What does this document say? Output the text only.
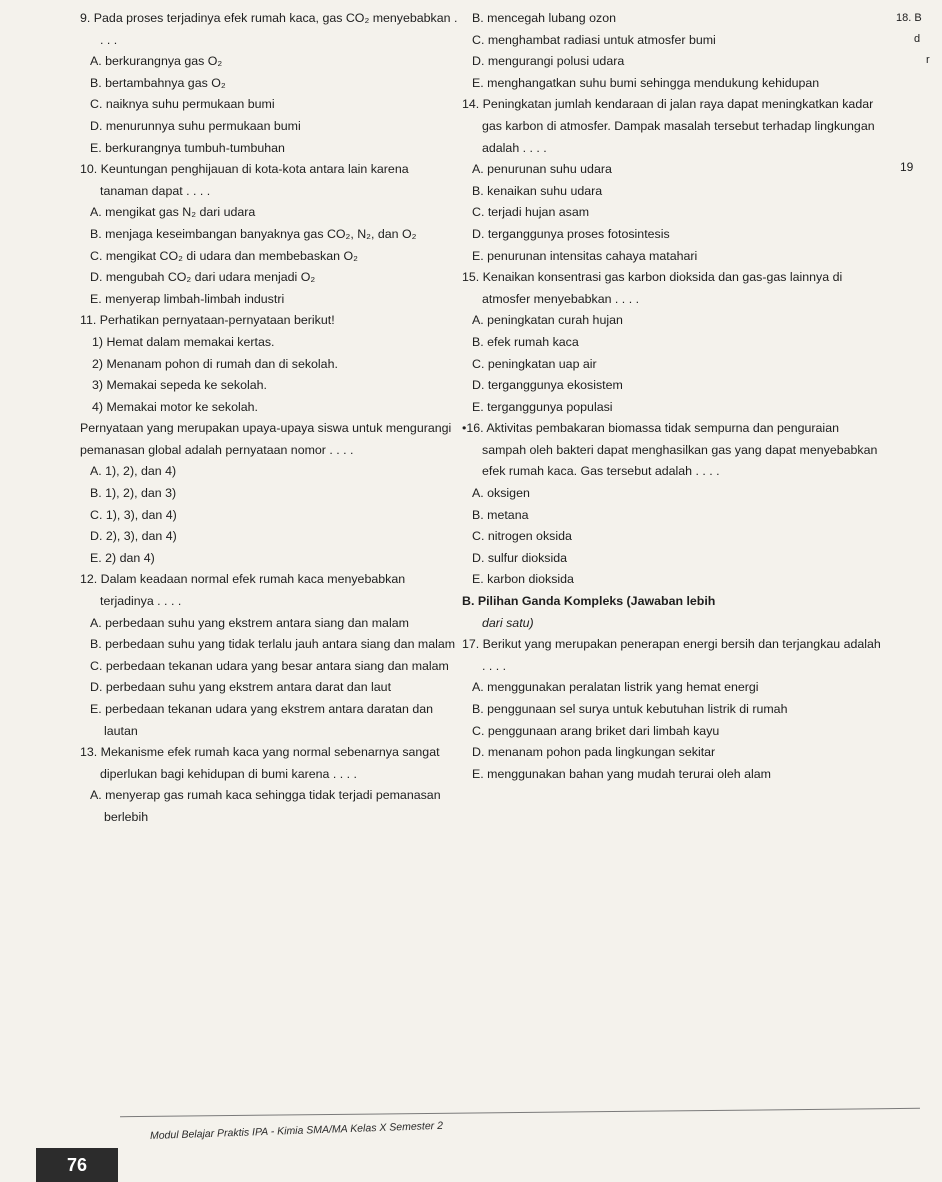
9. Pada proses terjadinya efek rumah kaca, gas CO₂ menyebabkan . . . .
A. berkurangnya gas O₂
B. bertambahnya gas O₂
C. naiknya suhu permukaan bumi
D. menurunnya suhu permukaan bumi
E. berkurangnya tumbuh-tumbuhan
10. Keuntungan penghijauan di kota-kota antara lain karena tanaman dapat . . . .
A. mengikat gas N₂ dari udara
B. menjaga keseimbangan banyaknya gas CO₂, N₂, dan O₂
C. mengikat CO₂ di udara dan membebaskan O₂
D. mengubah CO₂ dari udara menjadi O₂
E. menyerap limbah-limbah industri
11. Perhatikan pernyataan-pernyataan berikut!
1) Hemat dalam memakai kertas.
2) Menanam pohon di rumah dan di sekolah.
3) Memakai sepeda ke sekolah.
4) Memakai motor ke sekolah.
Pernyataan yang merupakan upaya-upaya siswa untuk mengurangi pemanasan global adalah pernyataan nomor . . . .
A. 1), 2), dan 4)
B. 1), 2), dan 3)
C. 1), 3), dan 4)
D. 2), 3), dan 4)
E. 2) dan 4)
12. Dalam keadaan normal efek rumah kaca menyebabkan terjadinya . . . .
A. perbedaan suhu yang ekstrem antara siang dan malam
B. perbedaan suhu yang tidak terlalu jauh antara siang dan malam
C. perbedaan tekanan udara yang besar antara siang dan malam
D. perbedaan suhu yang ekstrem antara darat dan laut
E. perbedaan tekanan udara yang ekstrem antara daratan dan lautan
13. Mekanisme efek rumah kaca yang normal sebenarnya sangat diperlukan bagi kehidupan di bumi karena . . . .
A. menyerap gas rumah kaca sehingga tidak terjadi pemanasan berlebih
B. mencegah lubang ozon
C. menghambat radiasi untuk atmosfer bumi
D. mengurangi polusi udara
E. menghangatkan suhu bumi sehingga mendukung kehidupan
14. Peningkatan jumlah kendaraan di jalan raya dapat meningkatkan kadar gas karbon di atmosfer. Dampak masalah tersebut terhadap lingkungan adalah . . . .
A. penurunan suhu udara
B. kenaikan suhu udara
C. terjadi hujan asam
D. terganggunya proses fotosintesis
E. penurunan intensitas cahaya matahari
15. Kenaikan konsentrasi gas karbon dioksida dan gas-gas lainnya di atmosfer menyebabkan . . . .
A. peningkatan curah hujan
B. efek rumah kaca
C. peningkatan uap air
D. terganggunya ekosistem
E. terganggunya populasi
•16. Aktivitas pembakaran biomassa tidak sempurna dan penguraian sampah oleh bakteri dapat menghasilkan gas yang dapat menyebabkan efek rumah kaca. Gas tersebut adalah . . . .
A. oksigen
B. metana
C. nitrogen oksida
D. sulfur dioksida
E. karbon dioksida
B. Pilihan Ganda Kompleks (Jawaban lebih
dari satu)
17. Berikut yang merupakan penerapan energi bersih dan terjangkau adalah . . . .
A. menggunakan peralatan listrik yang hemat energi
B. penggunaan sel surya untuk kebutuhan listrik di rumah
C. penggunaan arang briket dari limbah kayu
D. menanam pohon pada lingkungan sekitar
E. menggunakan bahan yang mudah terurai oleh alam
18. B
d
r
19
76
Modul Belajar Praktis IPA - Kimia SMA/MA Kelas X Semester 2
